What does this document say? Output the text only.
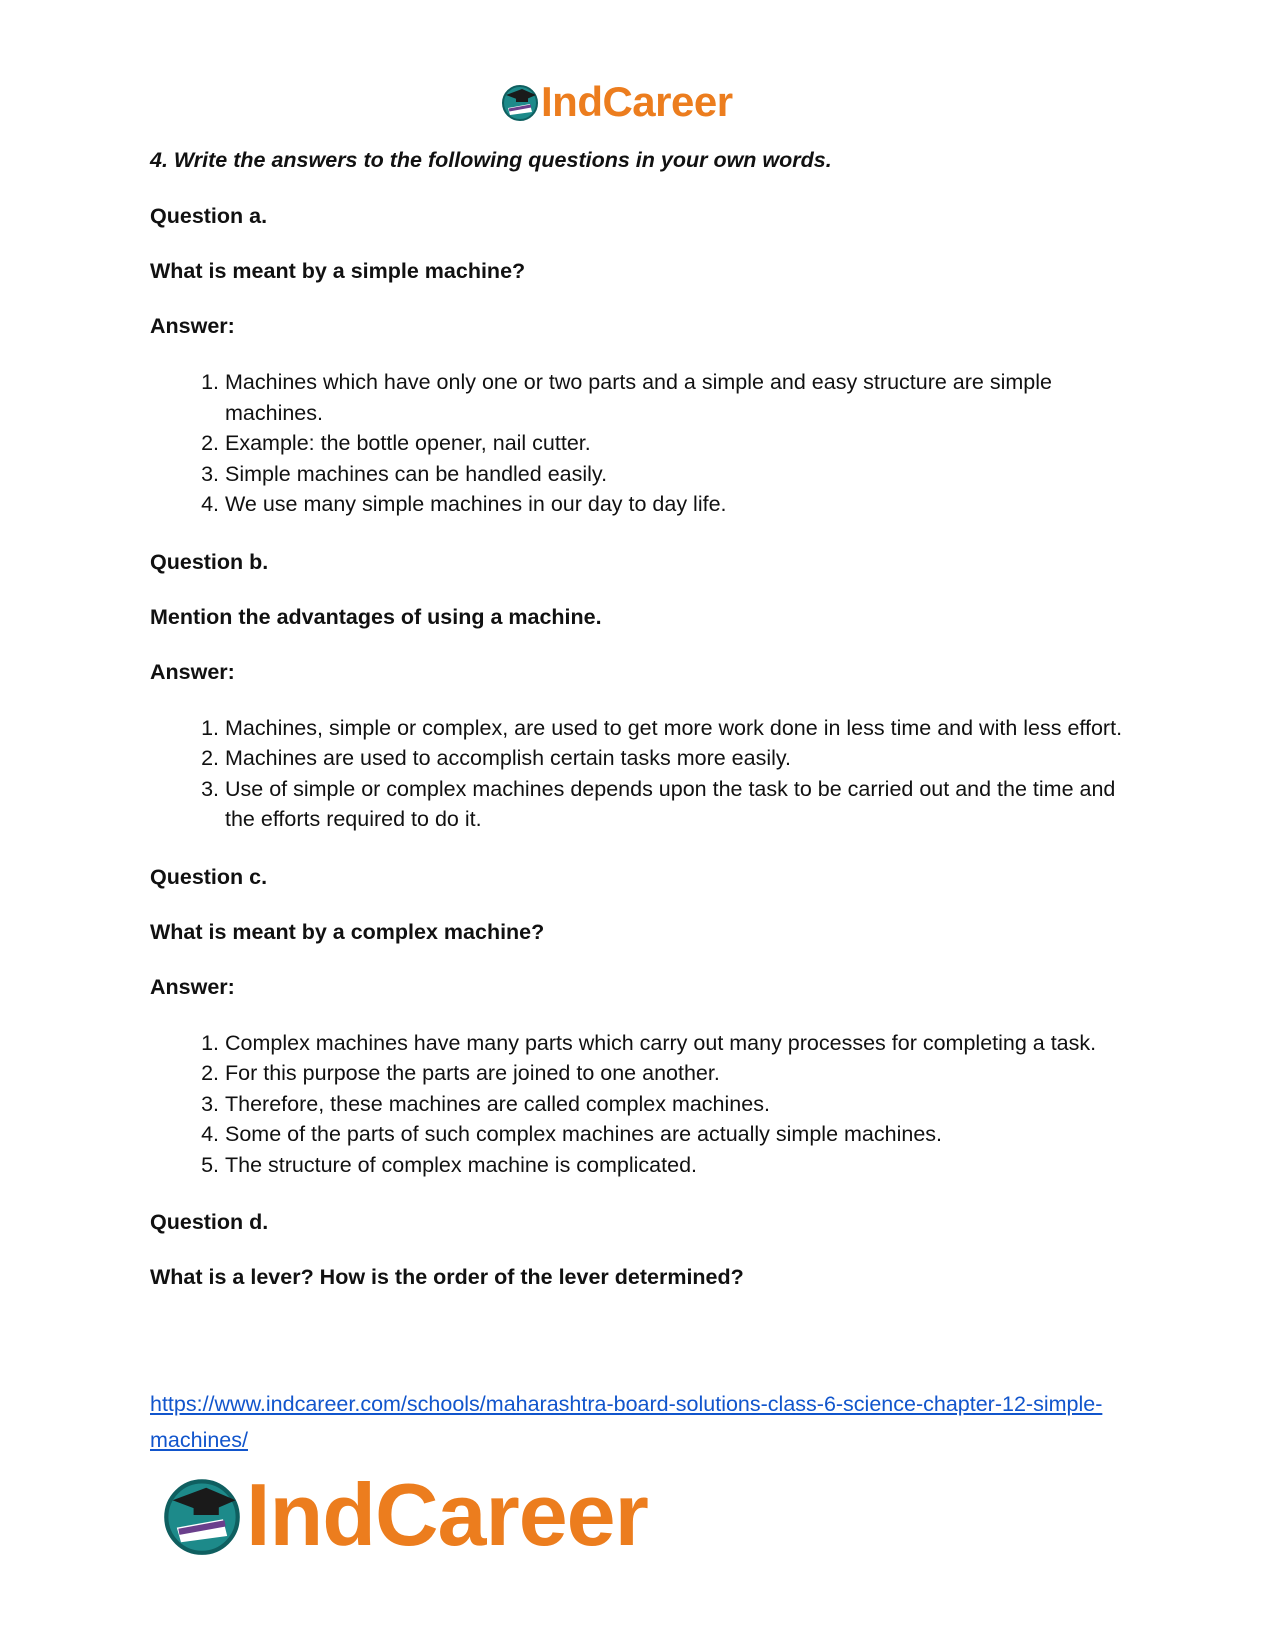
IndCareer

4. Write the answers to the following questions in your own words.

Question a.

What is meant by a simple machine?

Answer:

1. Machines which have only one or two parts and a simple and easy structure are simple machines.
2. Example: the bottle opener, nail cutter.
3. Simple machines can be handled easily.
4. We use many simple machines in our day to day life.

Question b.

Mention the advantages of using a machine.

Answer:

1. Machines, simple or complex, are used to get more work done in less time and with less effort.
2. Machines are used to accomplish certain tasks more easily.
3. Use of simple or complex machines depends upon the task to be carried out and the time and the efforts required to do it.

Question c.

What is meant by a complex machine?

Answer:

1. Complex machines have many parts which carry out many processes for completing a task.
2. For this purpose the parts are joined to one another.
3. Therefore, these machines are called complex machines.
4. Some of the parts of such complex machines are actually simple machines.
5. The structure of complex machine is complicated.

Question d.

What is a lever? How is the order of the lever determined?

https://www.indcareer.com/schools/maharashtra-board-solutions-class-6-science-chapter-12-simple-machines/
IndCareer
